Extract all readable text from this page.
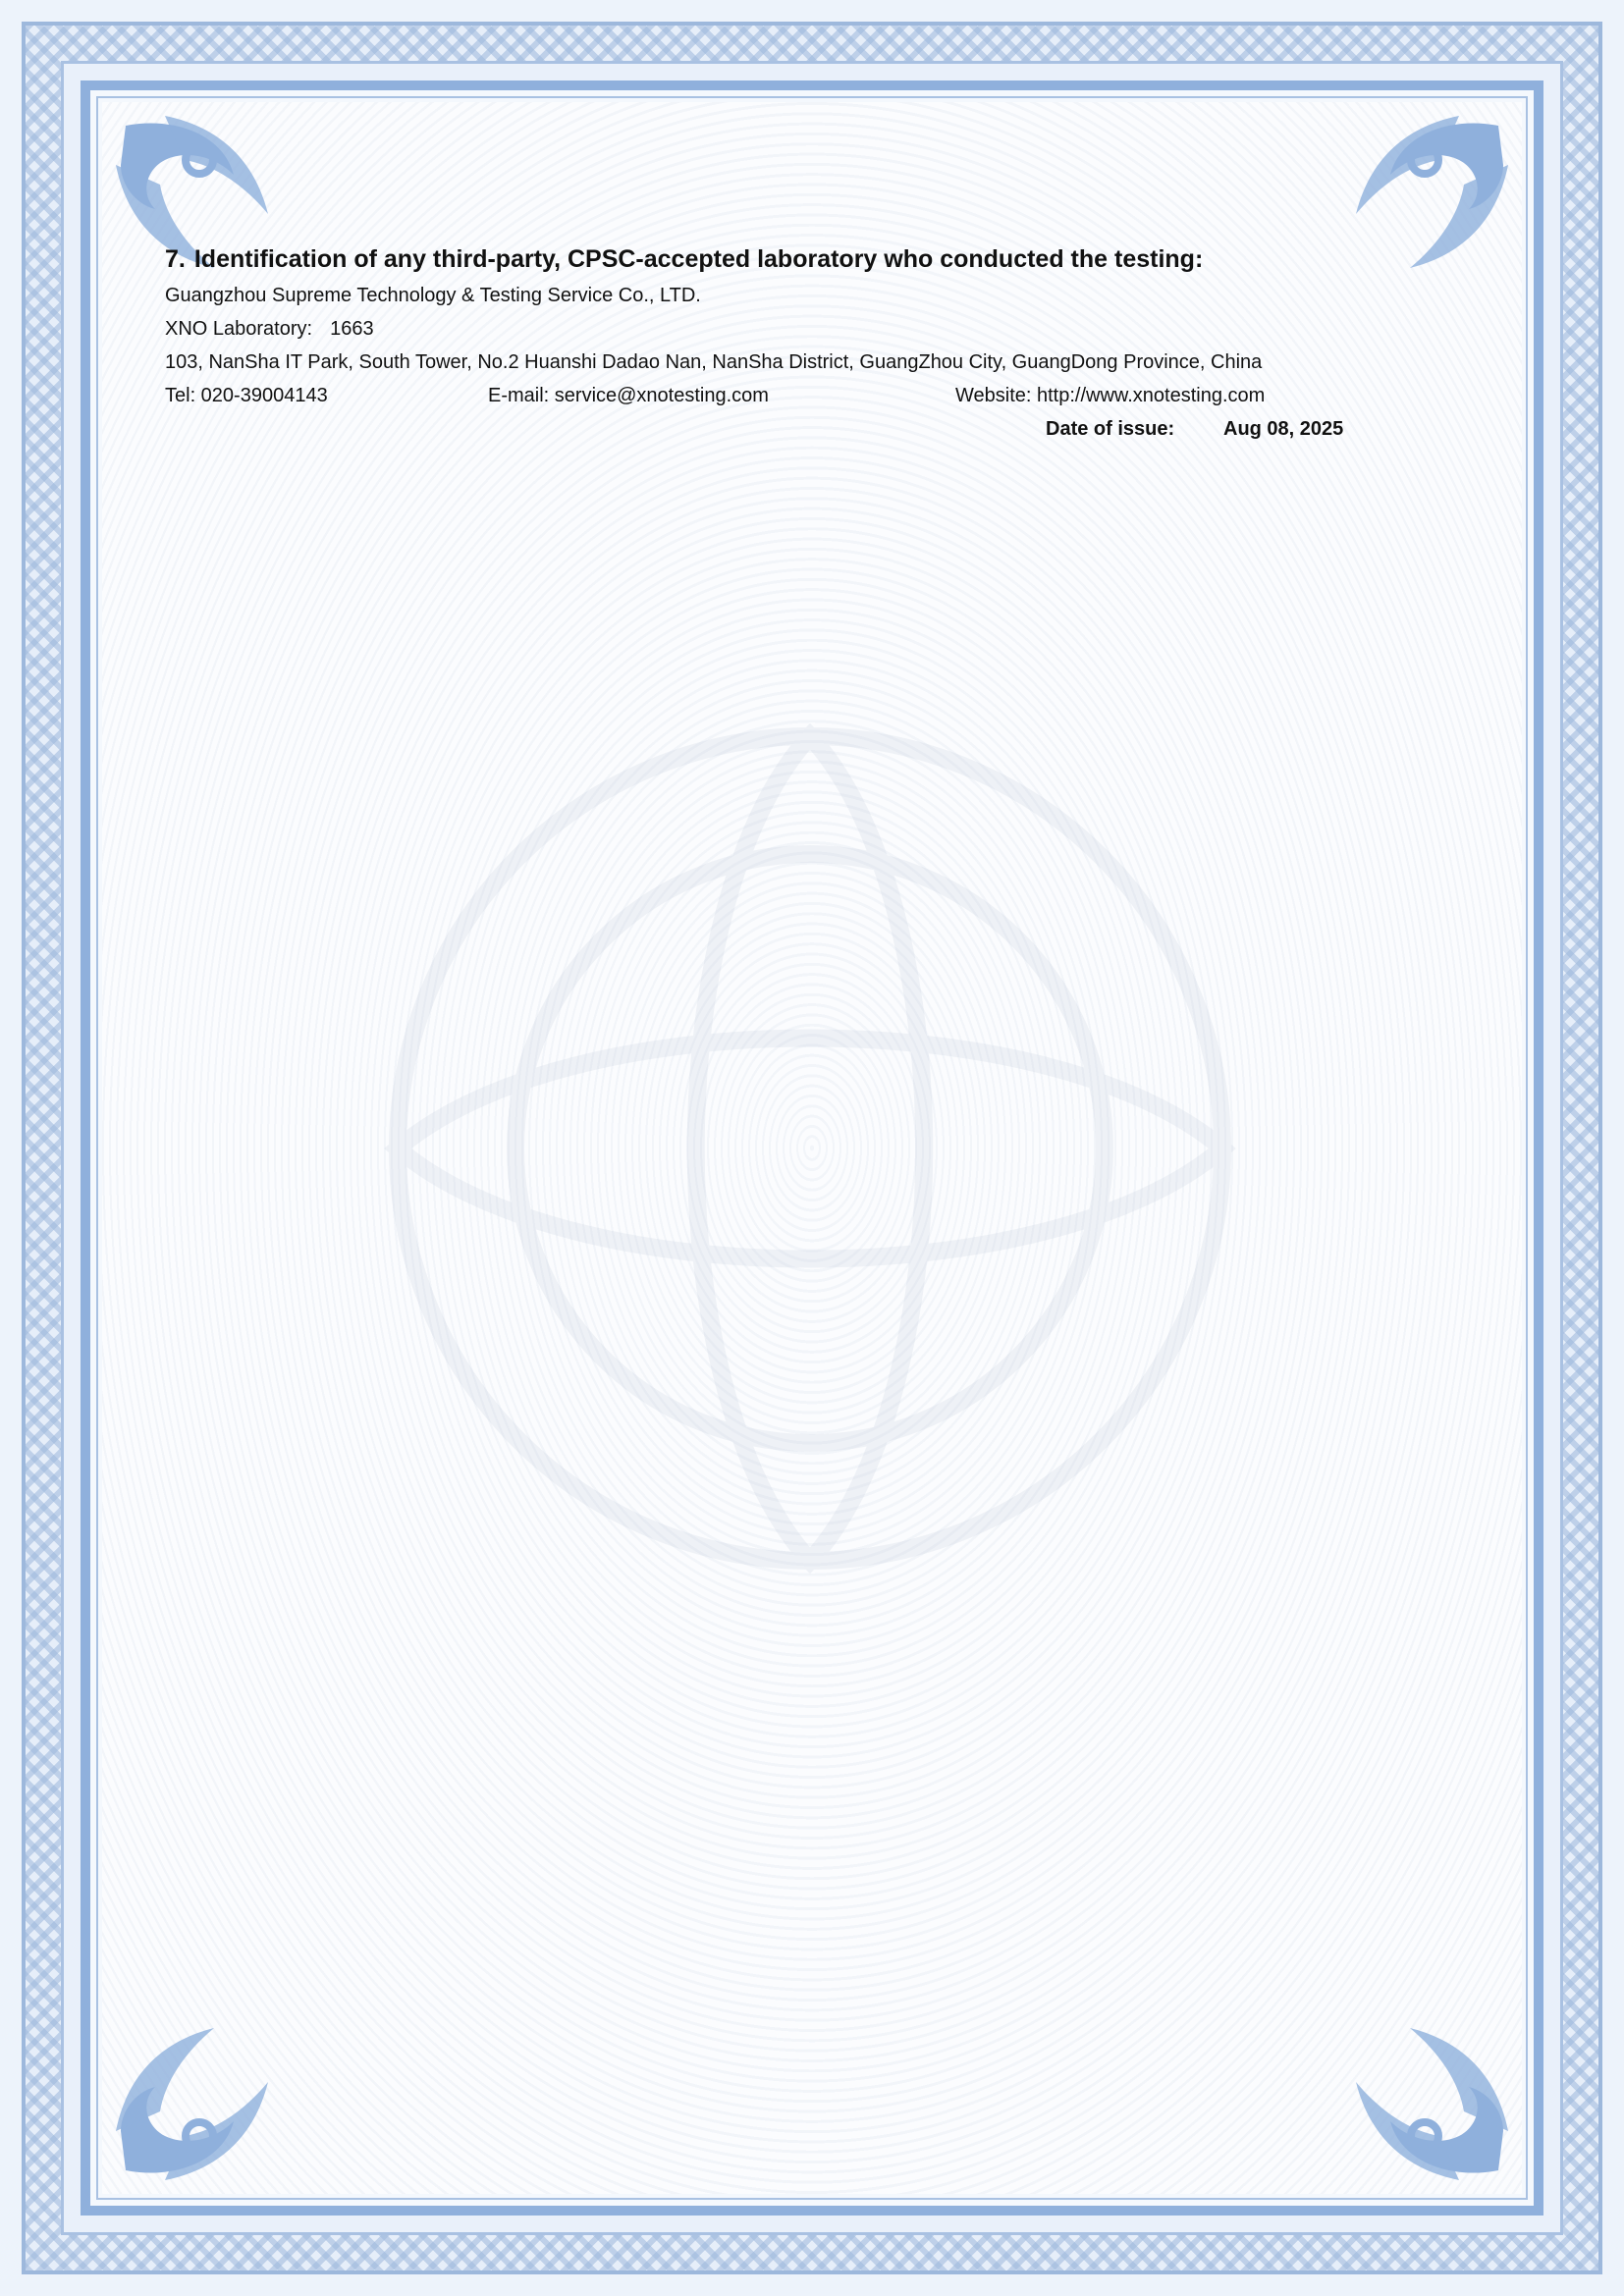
7. Identification of any third-party, CPSC-accepted laboratory who conducted the testing:
Guangzhou Supreme Technology & Testing Service Co., LTD.
XNO Laboratory: 1663
103, NanSha IT Park, South Tower, No.2 Huanshi Dadao Nan, NanSha District, GuangZhou City, GuangDong Province, China
Tel: 020-39004143	E-mail: service@xnotesting.com	Website: http://www.xnotesting.com
Date of issue: Aug 08, 2025
